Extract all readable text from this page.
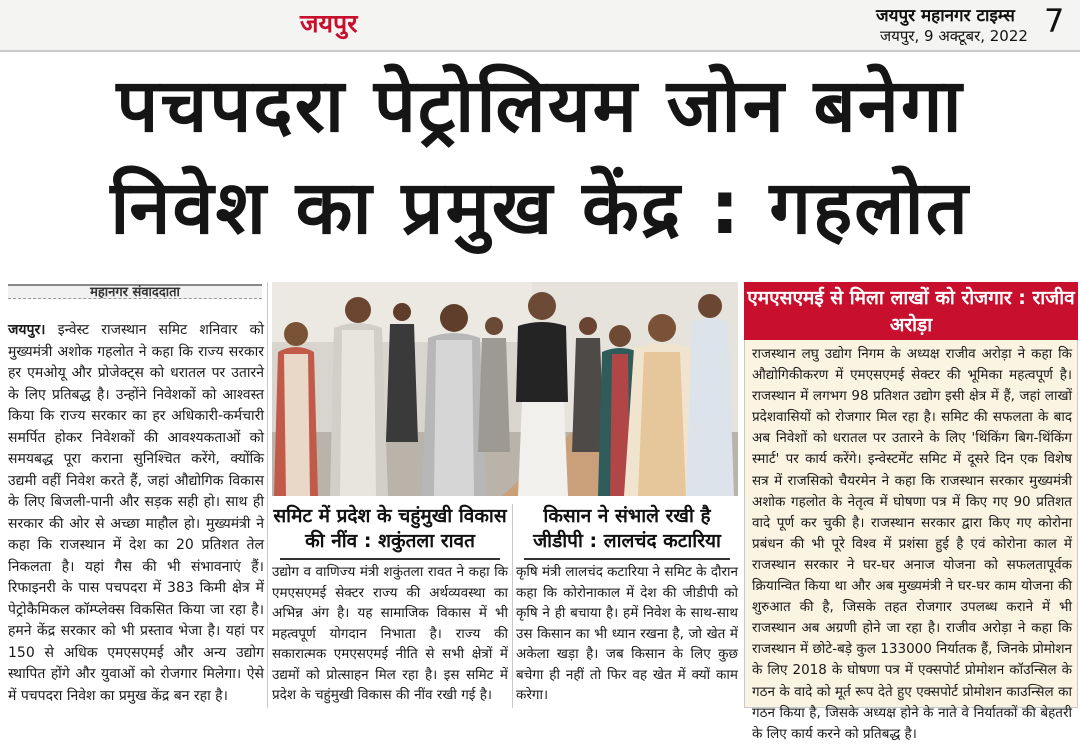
जयपुर	जयपुर महानगर टाइम्स
जयपुर, 9 अक्टूबर, 2022 7
पचपदरा पेट्रोलियम जोन बनेगा
निवेश का प्रमुख केंद्र : गहलोत
महानगर संवाददाता
जयपुर। इन्वेस्ट राजस्थान समिट शनिवार को मुख्यमंत्री अशोक गहलोत ने कहा कि राज्य सरकार हर एमओयू और प्रोजेक्ट्स को धरातल पर उतारने के लिए प्रतिबद्ध है। उन्होंने निवेशकों को आश्वस्त किया कि राज्य सरकार का हर अधिकारी-कर्मचारी समर्पित होकर निवेशकों की आवश्यकताओं को समयबद्ध पूरा कराना सुनिश्चित करेंगे, क्योंकि उद्यमी वहीं निवेश करते हैं, जहां औद्योगिक विकास के लिए बिजली-पानी और सड़क सही हो। साथ ही सरकार की ओर से अच्छा माहौल हो। मुख्यमंत्री ने कहा कि राजस्थान में देश का 20 प्रतिशत तेल निकलता है। यहां गैस की भी संभावनाएं हैं। रिफाइनरी के पास पचपदरा में 383 किमी क्षेत्र में पेट्रोकैमिकल कॉम्प्लेक्स विकसित किया जा रहा है। हमने केंद्र सरकार को भी प्रस्ताव भेजा है। यहां पर 150 से अधिक एमएसएमई और अन्य उद्योग स्थापित होंगे और युवाओं को रोजगार मिलेगा। ऐसे में पचपदरा निवेश का प्रमुख केंद्र बन रहा है।
समिट में प्रदेश के चहुंमुखी विकास की नींव : शकुंतला रावत
उद्योग व वाणिज्य मंत्री शकुंतला रावत ने कहा कि एमएसएमई सेक्टर राज्य की अर्थव्यवस्था का अभिन्न अंग है। यह सामाजिक विकास में भी महत्वपूर्ण योगदान निभाता है। राज्य की सकारात्मक एमएसएमई नीति से सभी क्षेत्रों में उद्यमों को प्रोत्साहन मिल रहा है। इस समिट में प्रदेश के चहुंमुखी विकास की नींव रखी गई है।
किसान ने संभाले रखी है जीडीपी : लालचंद कटारिया
कृषि मंत्री लालचंद कटारिया ने समिट के दौरान कहा कि कोरोनाकाल में देश की जीडीपी को कृषि ने ही बचाया है। हमें निवेश के साथ-साथ उस किसान का भी ध्यान रखना है, जो खेत में अकेला खड़ा है। जब किसान के लिए कुछ बचेगा ही नहीं तो फिर वह खेत में क्यों काम करेगा।
एमएसएमई से मिला लाखों को रोजगार : राजीव अरोड़ा
राजस्थान लघु उद्योग निगम के अध्यक्ष राजीव अरोड़ा ने कहा कि औद्योगिकीकरण में एमएसएमई सेक्टर की भूमिका महत्वपूर्ण है। राजस्थान में लगभग 98 प्रतिशत उद्योग इसी क्षेत्र में हैं, जहां लाखों प्रदेशवासियों को रोजगार मिल रहा है। समिट की सफलता के बाद अब निवेशों को धरातल पर उतारने के लिए 'थिंकिंग बिग-थिंकिंग स्मार्ट' पर कार्य करेंगे। इन्वेस्टमेंट समिट में दूसरे दिन एक विशेष सत्र में राजसिको चैयरमेन ने कहा कि राजस्थान सरकार मुख्यमंत्री अशोक गहलोत के नेतृत्व में घोषणा पत्र में किए गए 90 प्रतिशत वादे पूर्ण कर चुकी है। राजस्थान सरकार द्वारा किए गए कोरोना प्रबंधन की भी पूरे विश्व में प्रशंसा हुई है एवं कोरोना काल में राजस्थान सरकार ने घर-घर अनाज योजना को सफलतापूर्वक क्रियान्वित किया था और अब मुख्यमंत्री ने घर-घर काम योजना की शुरुआत की है, जिसके तहत रोजगार उपलब्ध कराने में भी राजस्थान अब अग्रणी होने जा रहा है। राजीव अरोड़ा ने कहा कि राजस्थान में छोटे-बड़े कुल 133000 निर्यातक हैं, जिनके प्रोमोशन के लिए 2018 के घोषणा पत्र में एक्सपोर्ट प्रोमोशन कॉउन्सिल के गठन के वादे को मूर्त रूप देते हुए एक्सपोर्ट प्रोमोशन काउन्सिल का गठन किया है, जिसके अध्यक्ष होने के नाते वे निर्यातकों की बेहतरी के लिए कार्य करने को प्रतिबद्ध है।
